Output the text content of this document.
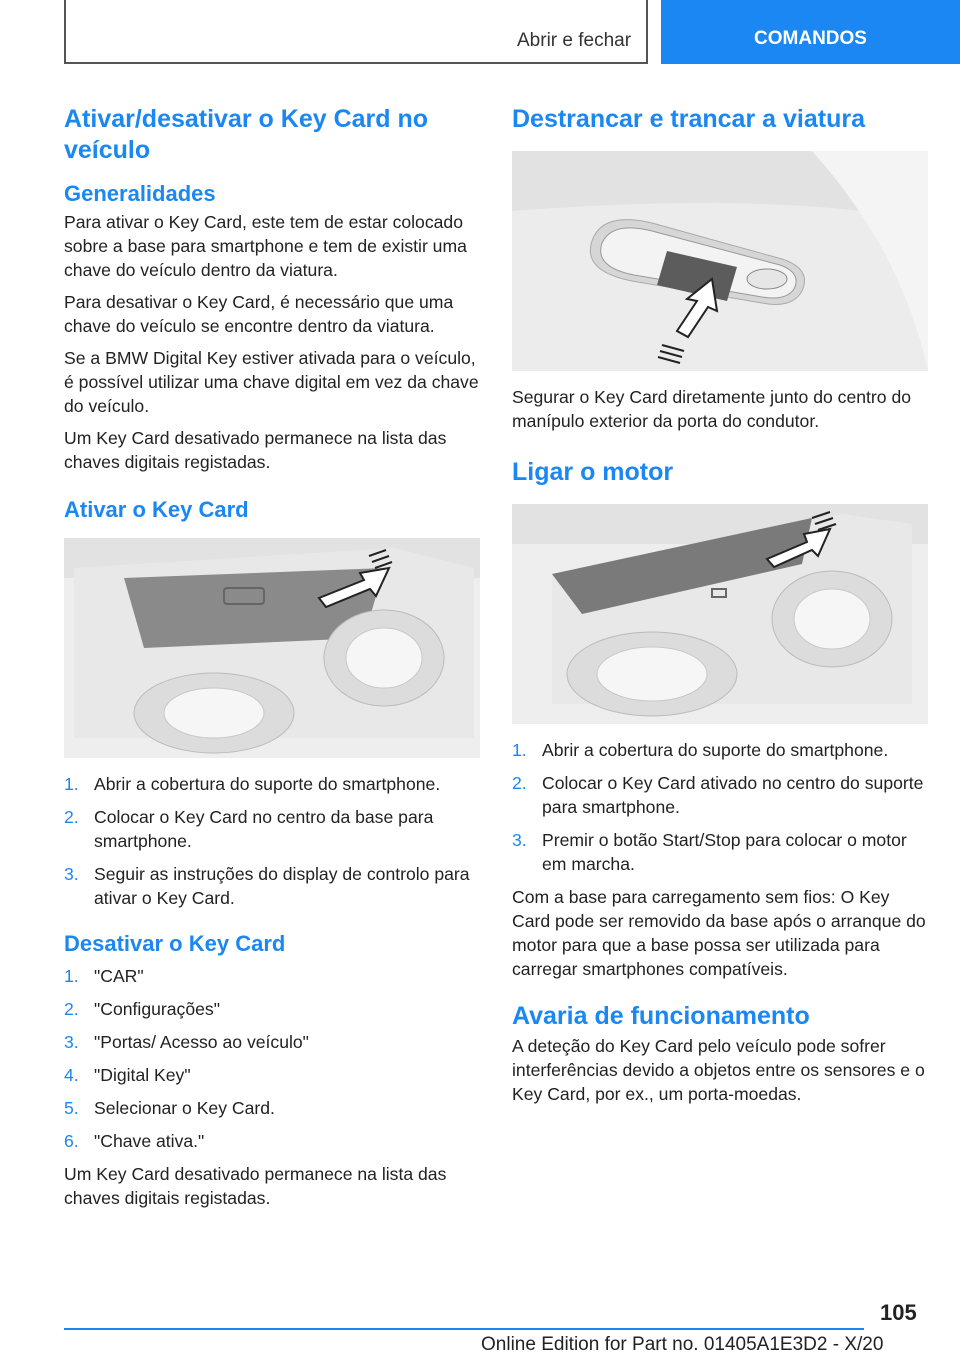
Abrir e fechar	COMANDOS
Ativar/desativar o Key Card no veículo
Generalidades

Para ativar o Key Card, este tem de estar colocado sobre a base para smartphone e tem de existir uma chave do veículo dentro da viatura.

Para desativar o Key Card, é necessário que uma chave do veículo se encontre dentro da viatura.

Se a BMW Digital Key estiver ativada para o veículo, é possível utilizar uma chave digital em vez da chave do veículo.

Um Key Card desativado permanece na lista das chaves digitais registadas.

Ativar o Key Card
1. Abrir a cobertura do suporte do smartphone.
2. Colocar o Key Card no centro da base para smartphone.
3. Seguir as instruções do display de controlo para ativar o Key Card.
Desativar o Key Card
1. "CAR"
2. "Configurações"
3. "Portas/ Acesso ao veículo"
4. "Digital Key"
5. Selecionar o Key Card.
6. "Chave ativa."

Um Key Card desativado permanece na lista das chaves digitais registadas.

Destrancar e trancar a viatura

Segurar o Key Card diretamente junto do centro do manípulo exterior da porta do condutor.

Ligar o motor
1. Abrir a cobertura do suporte do smartphone.
2. Colocar o Key Card ativado no centro do suporte para smartphone.
3. Premir o botão Start/Stop para colocar o motor em marcha.

Com a base para carregamento sem fios: O Key Card pode ser removido da base após o arranque do motor para que a base possa ser utilizada para carregar smartphones compatíveis.

Avaria de funcionamento

A deteção do Key Card pelo veículo pode sofrer interferências devido a objetos entre os sensores e o Key Card, por ex., um porta-moedas.

105
Online Edition for Part no. 01405A1E3D2 - X/20
